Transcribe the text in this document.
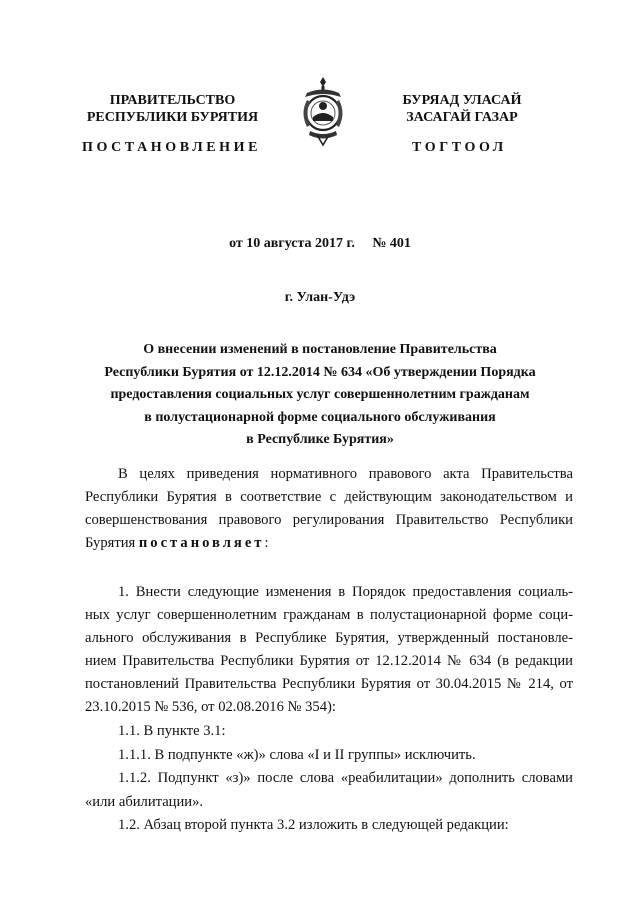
ПРАВИТЕЛЬСТВО
РЕСПУБЛИКИ БУРЯТИЯ
БУРЯАД УЛАСАЙ
ЗАСАГАЙ ГАЗАР
ПОСТАНОВЛЕНИЕ	ТОГТООЛ
от 10 августа 2017 г.     № 401
г. Улан-Удэ
О внесении изменений в постановление Правительства
Республики Бурятия от 12.12.2014 № 634 «Об утверждении Порядка
предоставления социальных услуг совершеннолетним гражданам
в полустационарной форме социального обслуживания
в Республике Бурятия»
В целях приведения нормативного правового акта Правительства
Республики Бурятия в соответствие с действующим законодательством и
совершенствования правового регулирования Правительство Республики
Бурятия постановляет:
1. Внести следующие изменения в Порядок предоставления социаль-
ных услуг совершеннолетним гражданам в полустационарной форме соци-
ального обслуживания в Республике Бурятия, утвержденный постановле-
нием Правительства Республики Бурятия от 12.12.2014 № 634 (в редакции
постановлений Правительства Республики Бурятия от 30.04.2015 № 214, от
23.10.2015 № 536, от 02.08.2016 № 354):
1.1. В пункте 3.1:
1.1.1. В подпункте «ж)» слова «I и II группы» исключить.
1.1.2. Подпункт «з)» после слова «реабилитации» дополнить словами
«или абилитации».
1.2. Абзац второй пункта 3.2 изложить в следующей редакции:
